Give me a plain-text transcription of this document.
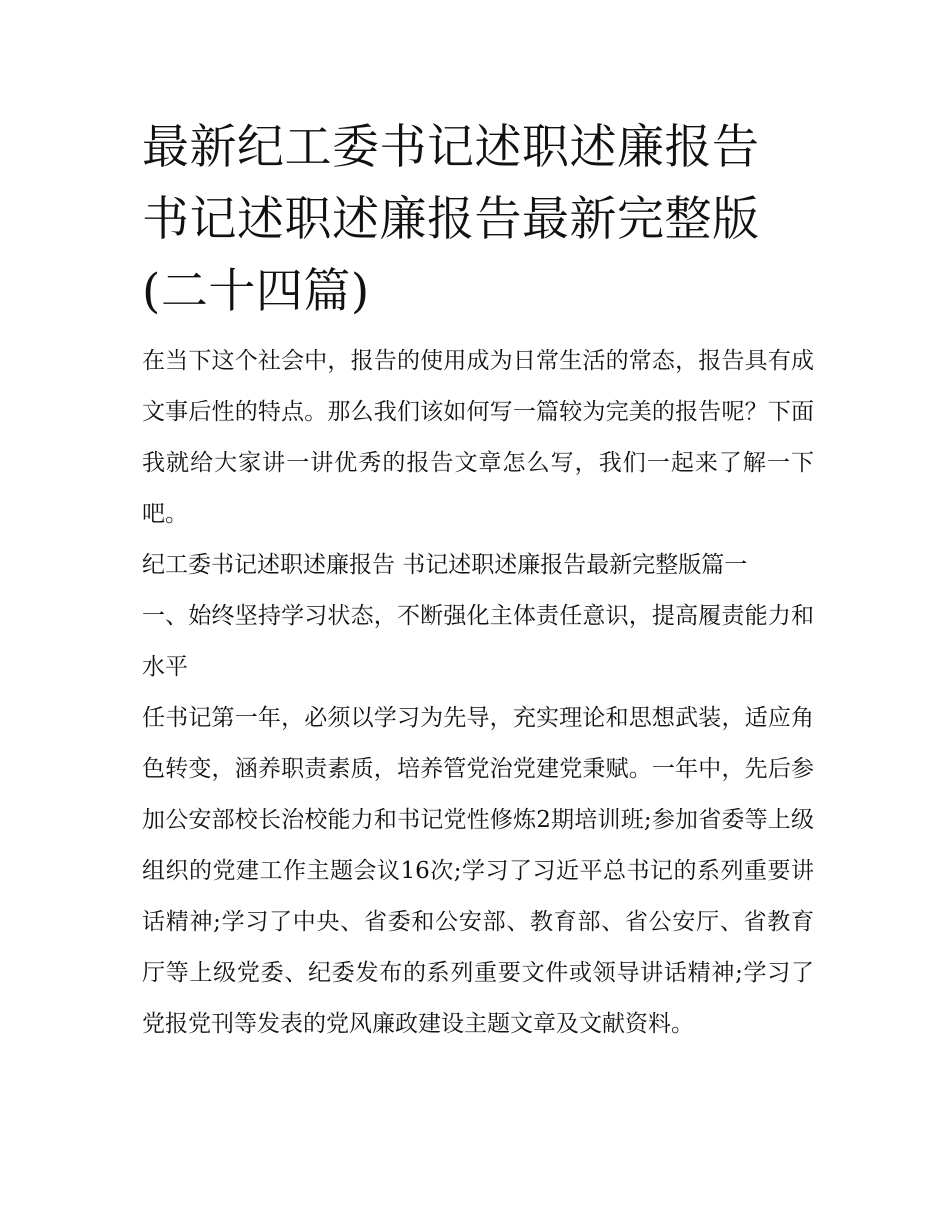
最新纪工委书记述职述廉报告 书记述职述廉报告最新完整版(二十四篇)

在当下这个社会中，报告的使用成为日常生活的常态，报告具有成文事后性的特点。那么我们该如何写一篇较为完美的报告呢？下面我就给大家讲一讲优秀的报告文章怎么写，我们一起来了解一下吧。

纪工委书记述职述廉报告 书记述职述廉报告最新完整版篇一

一、始终坚持学习状态，不断强化主体责任意识，提高履责能力和水平

任书记第一年，必须以学习为先导，充实理论和思想武装，适应角色转变，涵养职责素质，培养管党治党建党秉赋。一年中，先后参加公安部校长治校能力和书记党性修炼2期培训班;参加省委等上级组织的党建工作主题会议16次;学习了习近平总书记的系列重要讲话精神;学习了中央、省委和公安部、教育部、省公安厅、省教育厅等上级党委、纪委发布的系列重要文件或领导讲话精神;学习了党报党刊等发表的党风廉政建设主题文章及文献资料。
